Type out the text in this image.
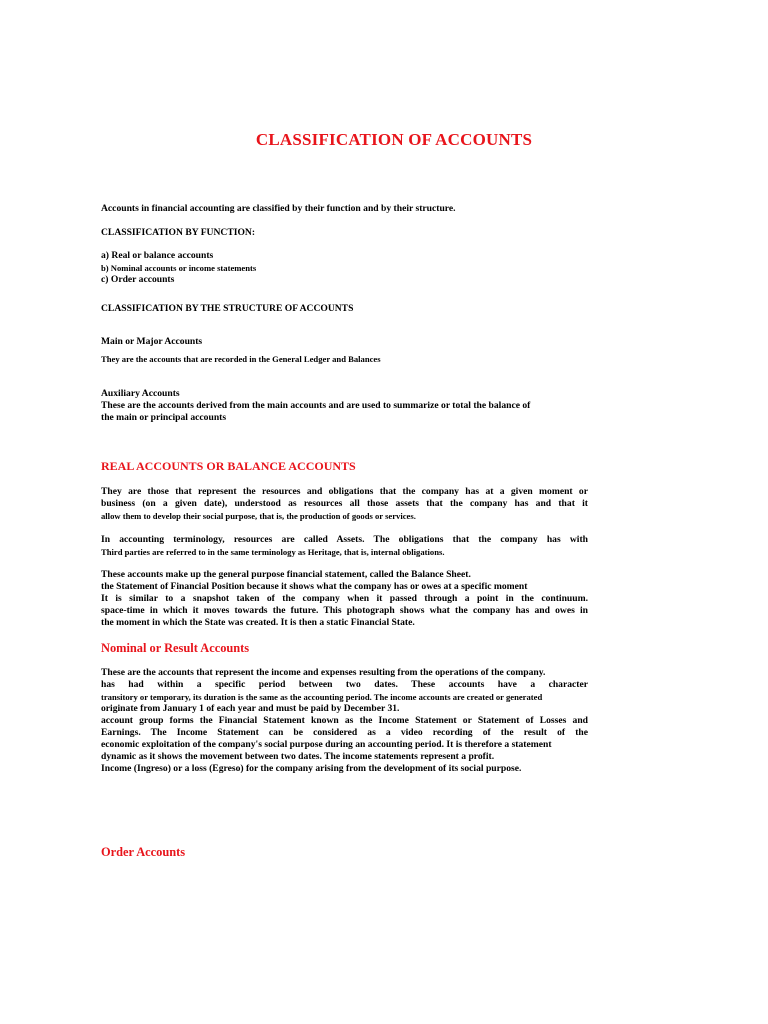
CLASSIFICATION OF ACCOUNTS
Accounts in financial accounting are classified by their function and by their structure.
CLASSIFICATION BY FUNCTION:
a) Real or balance accounts
b) Nominal accounts or income statements
c) Order accounts
CLASSIFICATION BY THE STRUCTURE OF ACCOUNTS
Main or Major Accounts
They are the accounts that are recorded in the General Ledger and Balances
Auxiliary Accounts
These are the accounts derived from the main accounts and are used to summarize or total the balance of
the main or principal accounts
REAL ACCOUNTS OR BALANCE ACCOUNTS
They are those that represent the resources and obligations that the company has at a given moment or
business (on a given date), understood as resources all those assets that the company has and that it
allow them to develop their social purpose, that is, the production of goods or services.
In accounting terminology, resources are called Assets. The obligations that the company has with
Third parties are referred to in the same terminology as Heritage, that is, internal obligations.
These accounts make up the general purpose financial statement, called the Balance Sheet.
the Statement of Financial Position because it shows what the company has or owes at a specific moment
It is similar to a snapshot taken of the company when it passed through a point in the continuum.
space-time in which it moves towards the future. This photograph shows what the company has and owes in
the moment in which the State was created. It is then a static Financial State.
Nominal or Result Accounts
These are the accounts that represent the income and expenses resulting from the operations of the company.
has had within a specific period between two dates. These accounts have a character
transitory or temporary, its duration is the same as the accounting period. The income accounts are created or generated
originate from January 1 of each year and must be paid by December 31.
account group forms the Financial Statement known as the Income Statement or Statement of Losses and
Earnings. The Income Statement can be considered as a video recording of the result of the
economic exploitation of the company's social purpose during an accounting period. It is therefore a statement
dynamic as it shows the movement between two dates. The income statements represent a profit.
Income (Ingreso) or a loss (Egreso) for the company arising from the development of its social purpose.
Order Accounts
